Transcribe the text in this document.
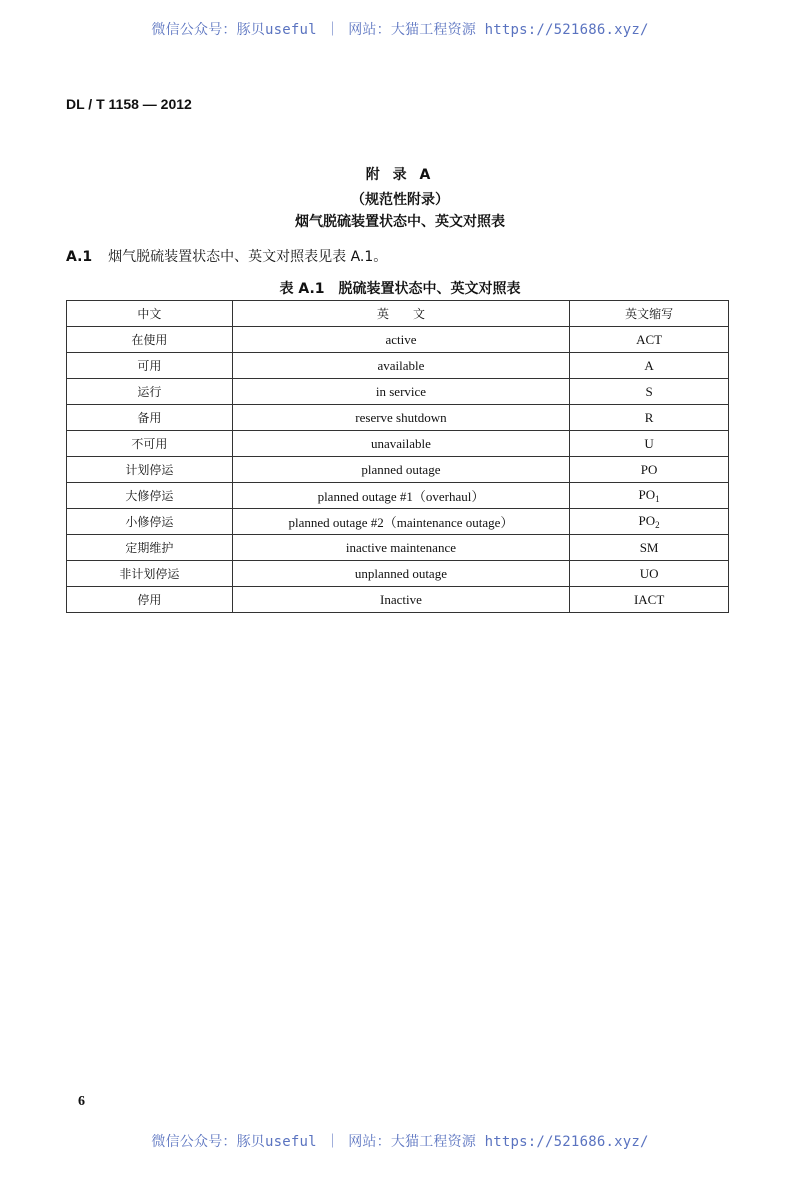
微信公众号：豚贝useful ｜ 网站：大猫工程资源 https://521686.xyz/
DL / T 1158 — 2012
附 录 A
（规范性附录）
烟气脱硫装置状态中、英文对照表
A.1 烟气脱硫装置状态中、英文对照表见表 A.1。
表 A.1 脱硫装置状态中、英文对照表
中文	英　　文	英文缩写
在使用	active	ACT
可用	available	A
运行	in service	S
备用	reserve shutdown	R
不可用	unavailable	U
计划停运	planned outage	PO
大修停运	planned outage #1（overhaul）	$PO_1$
小修停运	planned outage #2（maintenance outage）	$PO_2$
定期维护	inactive maintenance	SM
非计划停运	unplanned outage	UO
停用	Inactive	IACT
6
微信公众号：豚贝useful ｜ 网站：大猫工程资源 https://521686.xyz/
